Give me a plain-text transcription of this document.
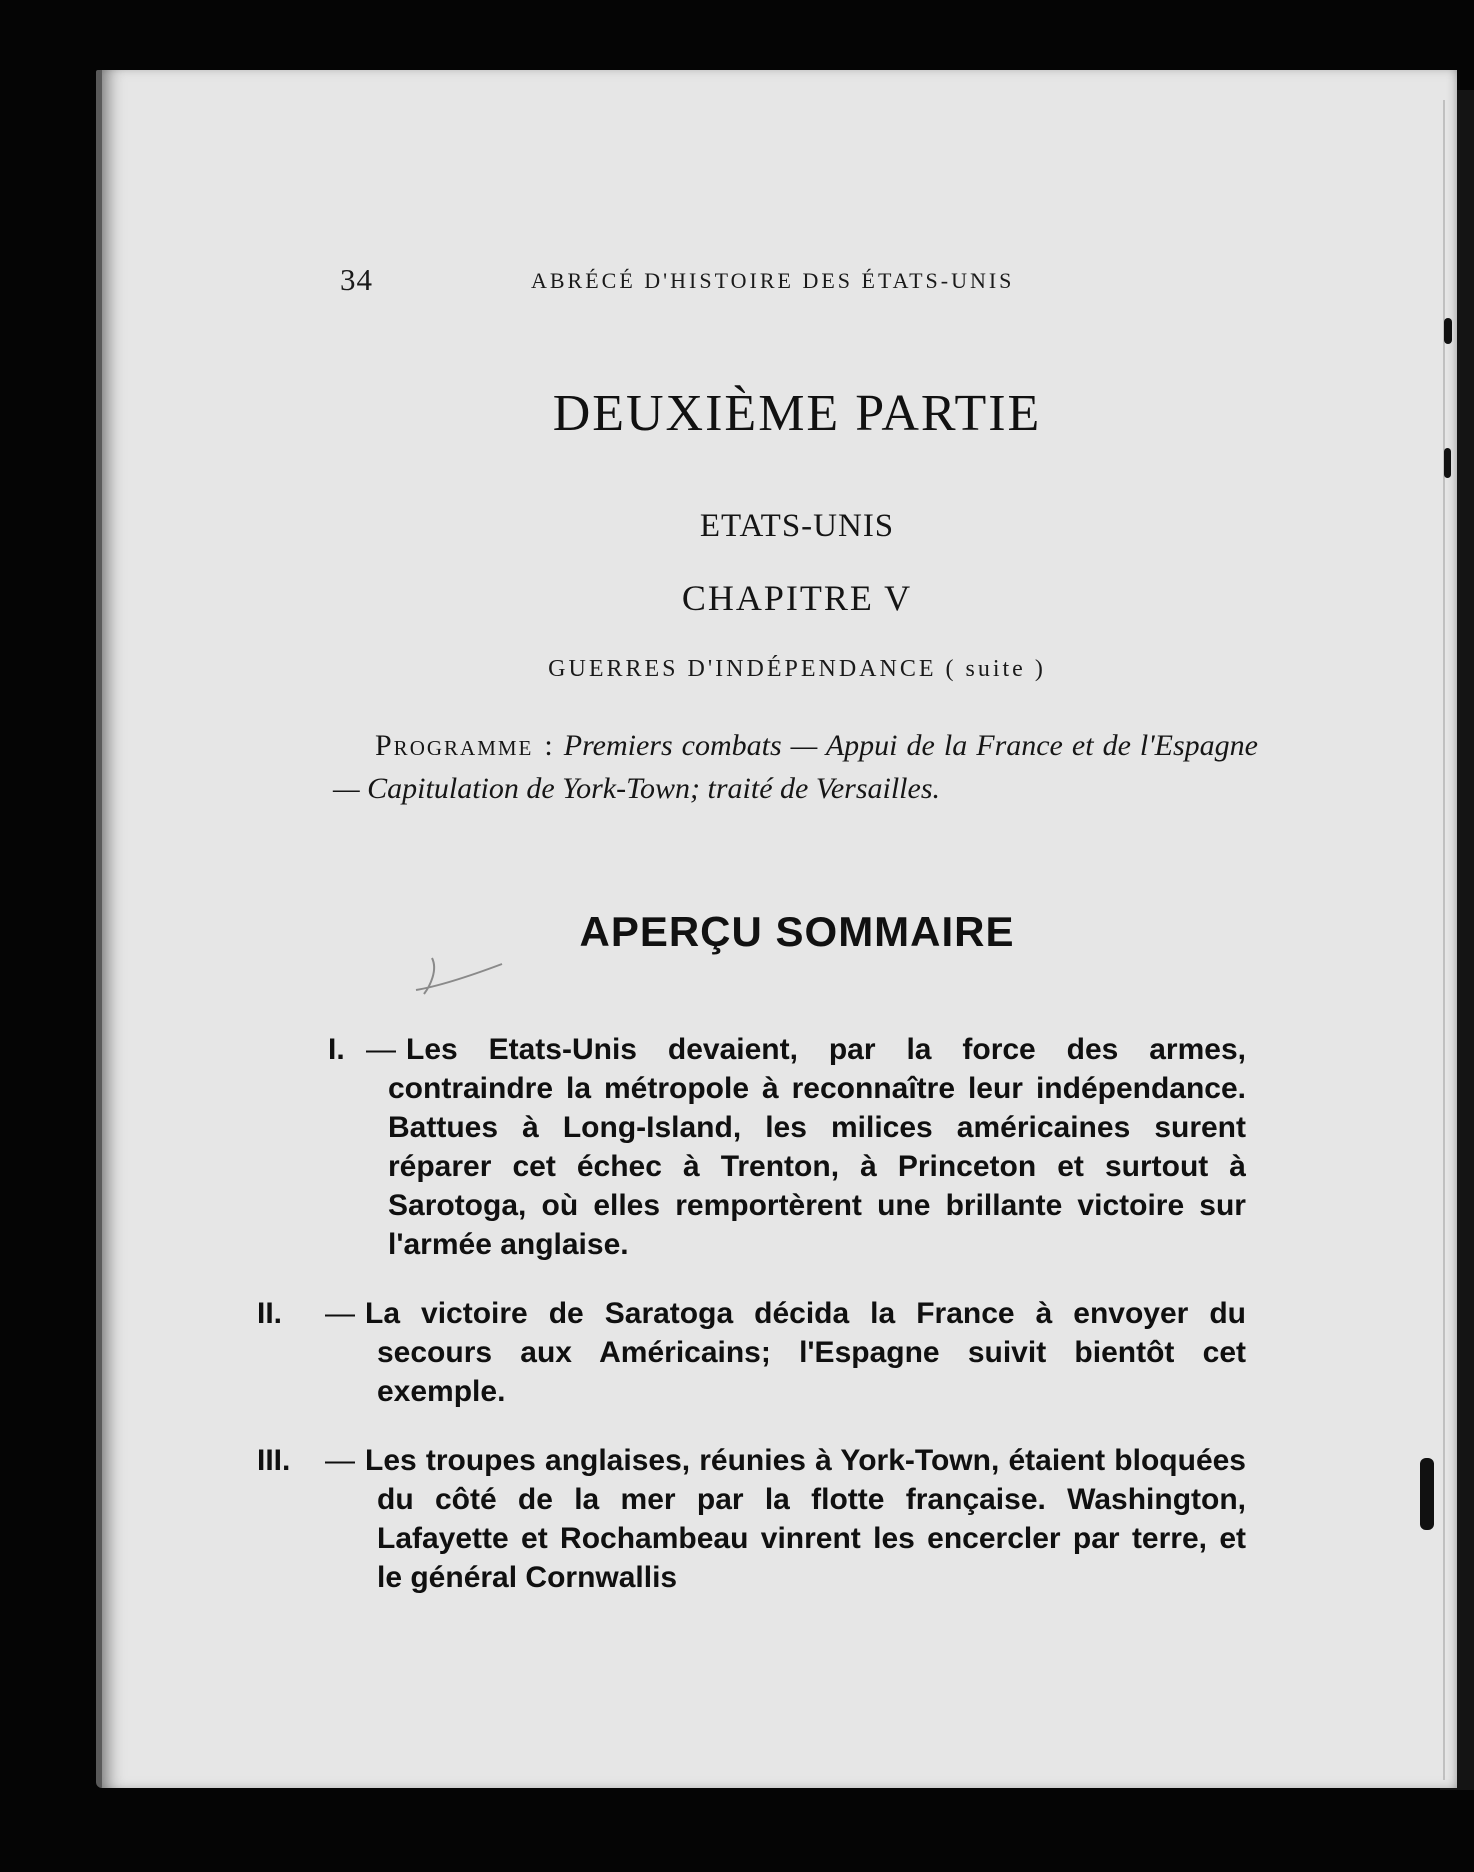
34	ABRÉCÉ D'HISTOIRE DES ÉTATS-UNIS
DEUXIÈME PARTIE
ETATS-UNIS
CHAPITRE V
GUERRES D'INDÉPENDANCE ( suite )
Programme : Premiers combats — Appui de la France et de l'Espagne — Capitulation de York-Town; traité de Versailles.
APERÇU SOMMAIRE
I. — Les Etats-Unis devaient, par la force des armes, contraindre la métropole à reconnaître leur indépendance. Battues à Long-Island, les milices américaines surent réparer cet échec à Trenton, à Princeton et surtout à Sarotoga, où elles remportèrent une brillante victoire sur l'armée anglaise.
— La victoire de Saratoga décida la France à envoyer du secours aux Américains; l'Espagne suivit bientôt cet exemple.
— Les troupes anglaises, réunies à York-Town, étaient bloquées du côté de la mer par la flotte française. Washington, Lafayette et Rochambeau vinrent les encercler par terre, et le général Cornwallis
